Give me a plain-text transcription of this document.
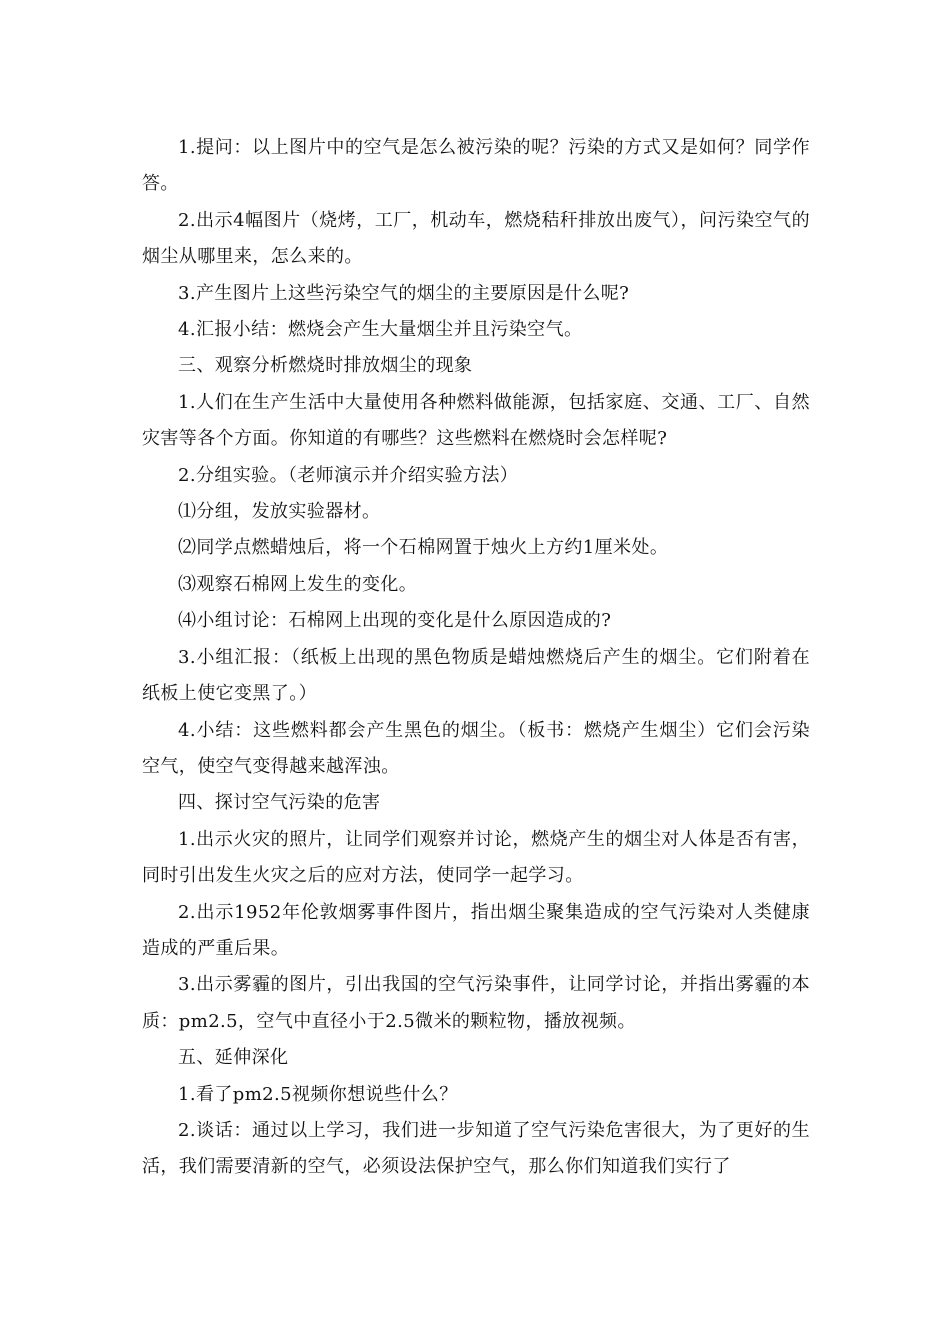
1.提问：以上图片中的空气是怎么被污染的呢？污染的方式又是如何？同学作答。

2.出示4幅图片（烧烤，工厂，机动车，燃烧秸秆排放出废气），问污染空气的烟尘从哪里来，怎么来的。

3.产生图片上这些污染空气的烟尘的主要原因是什么呢?

4.汇报小结：燃烧会产生大量烟尘并且污染空气。

三、观察分析燃烧时排放烟尘的现象

1.人们在生产生活中大量使用各种燃料做能源，包括家庭、交通、工厂、自然灾害等各个方面。你知道的有哪些？这些燃料在燃烧时会怎样呢?

2.分组实验。（老师演示并介绍实验方法）

⑴分组，发放实验器材。

⑵同学点燃蜡烛后，将一个石棉网置于烛火上方约1厘米处。

⑶观察石棉网上发生的变化。

⑷小组讨论：石棉网上出现的变化是什么原因造成的?

3.小组汇报：（纸板上出现的黑色物质是蜡烛燃烧后产生的烟尘。它们附着在纸板上使它变黑了。）

4.小结：这些燃料都会产生黑色的烟尘。（板书：燃烧产生烟尘）它们会污染空气，使空气变得越来越浑浊。

四、探讨空气污染的危害

1.出示火灾的照片，让同学们观察并讨论，燃烧产生的烟尘对人体是否有害，同时引出发生火灾之后的应对方法，使同学一起学习。

2.出示1952年伦敦烟雾事件图片，指出烟尘聚集造成的空气污染对人类健康造成的严重后果。

3.出示雾霾的图片，引出我国的空气污染事件，让同学讨论，并指出雾霾的本质：pm2.5，空气中直径小于2.5微米的颗粒物，播放视频。

五、延伸深化

1.看了pm2.5视频你想说些什么？

2.谈话：通过以上学习，我们进一步知道了空气污染危害很大，为了更好的生活，我们需要清新的空气，必须设法保护空气，那么你们知道我们实行了
